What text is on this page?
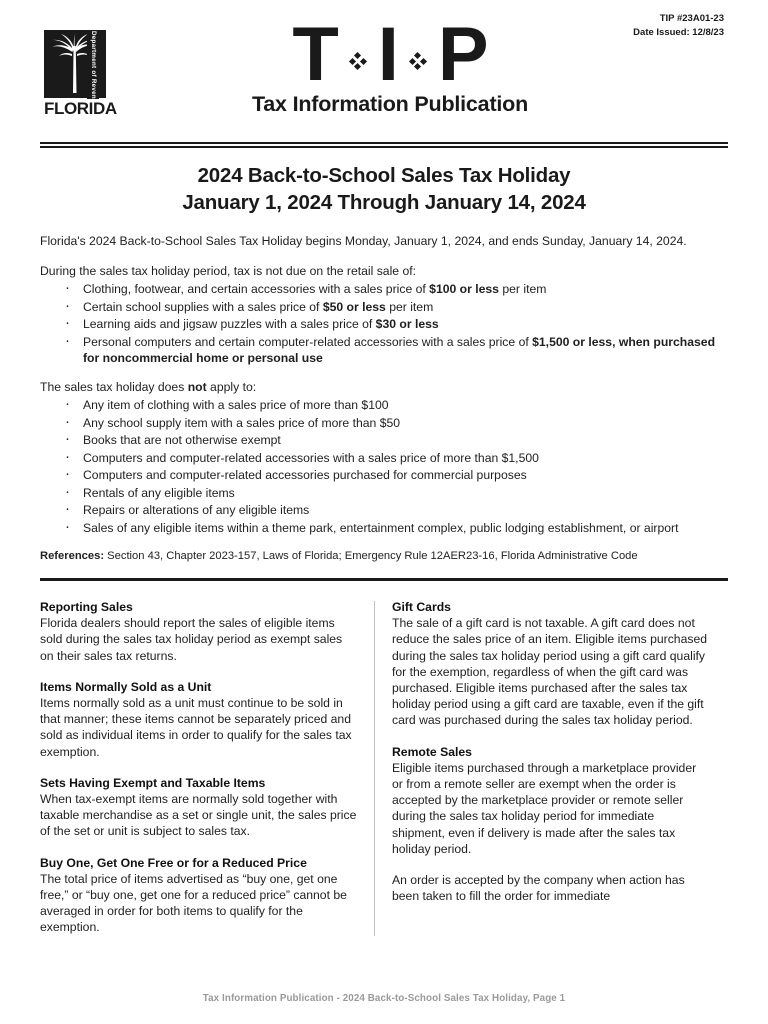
Department of Revenue
FLORIDA
T I P
Tax Information Publication
TIP #23A01-23
Date Issued: 12/8/23
2024 Back-to-School Sales Tax Holiday
January 1, 2024 Through January 14, 2024

Florida's 2024 Back-to-School Sales Tax Holiday begins Monday, January 1, 2024, and ends Sunday, January 14, 2024.

During the sales tax holiday period, tax is not due on the retail sale of:

· Clothing, footwear, and certain accessories with a sales price of $100 or less per item
· Certain school supplies with a sales price of $50 or less per item
· Learning aids and jigsaw puzzles with a sales price of $30 or less
· Personal computers and certain computer-related accessories with a sales price of $1,500 or less, when purchased for noncommercial home or personal use

The sales tax holiday does not apply to:

· Any item of clothing with a sales price of more than $100
· Any school supply item with a sales price of more than $50
· Books that are not otherwise exempt
· Computers and computer-related accessories with a sales price of more than $1,500
· Computers and computer-related accessories purchased for commercial purposes
· Rentals of any eligible items
· Repairs or alterations of any eligible items
· Sales of any eligible items within a theme park, entertainment complex, public lodging establishment, or airport

References: Section 43, Chapter 2023-157, Laws of Florida; Emergency Rule 12AER23-16, Florida Administrative Code

Reporting Sales

Florida dealers should report the sales of eligible items sold during the sales tax holiday period as exempt sales on their sales tax returns.

Items Normally Sold as a Unit

Items normally sold as a unit must continue to be sold in that manner; these items cannot be separately priced and sold as individual items in order to qualify for the sales tax exemption.

Sets Having Exempt and Taxable Items

When tax-exempt items are normally sold together with taxable merchandise as a set or single unit, the sales price of the set or unit is subject to sales tax.

Buy One, Get One Free or for a Reduced Price

The total price of items advertised as “buy one, get one free,” or “buy one, get one for a reduced price” cannot be averaged in order for both items to qualify for the exemption.

Gift Cards

The sale of a gift card is not taxable. A gift card does not reduce the sales price of an item. Eligible items purchased during the sales tax holiday period using a gift card qualify for the exemption, regardless of when the gift card was purchased. Eligible items purchased after the sales tax holiday period using a gift card are taxable, even if the gift card was purchased during the sales tax holiday period.

Remote Sales

Eligible items purchased through a marketplace provider or from a remote seller are exempt when the order is accepted by the marketplace provider or remote seller during the sales tax holiday period for immediate shipment, even if delivery is made after the sales tax holiday period.

An order is accepted by the company when action has been taken to fill the order for immediate

Tax Information Publication - 2024 Back-to-School Sales Tax Holiday, Page 1
